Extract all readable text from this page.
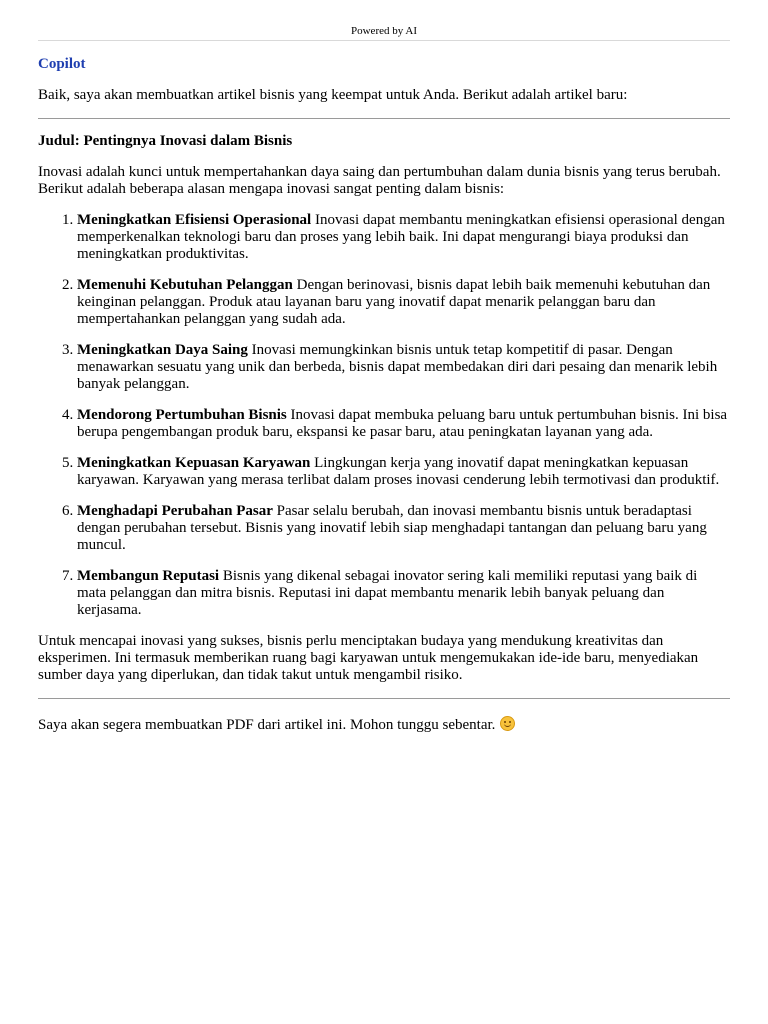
Powered by AI
Copilot

Baik, saya akan membuatkan artikel bisnis yang keempat untuk Anda. Berikut adalah artikel baru:

Judul: Pentingnya Inovasi dalam Bisnis

Inovasi adalah kunci untuk mempertahankan daya saing dan pertumbuhan dalam dunia bisnis yang terus berubah. Berikut adalah beberapa alasan mengapa inovasi sangat penting dalam bisnis:

1. Meningkatkan Efisiensi Operasional Inovasi dapat membantu meningkatkan efisiensi operasional dengan memperkenalkan teknologi baru dan proses yang lebih baik. Ini dapat mengurangi biaya produksi dan meningkatkan produktivitas.
2. Memenuhi Kebutuhan Pelanggan Dengan berinovasi, bisnis dapat lebih baik memenuhi kebutuhan dan keinginan pelanggan. Produk atau layanan baru yang inovatif dapat menarik pelanggan baru dan mempertahankan pelanggan yang sudah ada.
3. Meningkatkan Daya Saing Inovasi memungkinkan bisnis untuk tetap kompetitif di pasar. Dengan menawarkan sesuatu yang unik dan berbeda, bisnis dapat membedakan diri dari pesaing dan menarik lebih banyak pelanggan.
4. Mendorong Pertumbuhan Bisnis Inovasi dapat membuka peluang baru untuk pertumbuhan bisnis. Ini bisa berupa pengembangan produk baru, ekspansi ke pasar baru, atau peningkatan layanan yang ada.
5. Meningkatkan Kepuasan Karyawan Lingkungan kerja yang inovatif dapat meningkatkan kepuasan karyawan. Karyawan yang merasa terlibat dalam proses inovasi cenderung lebih termotivasi dan produktif.
6. Menghadapi Perubahan Pasar Pasar selalu berubah, dan inovasi membantu bisnis untuk beradaptasi dengan perubahan tersebut. Bisnis yang inovatif lebih siap menghadapi tantangan dan peluang baru yang muncul.
7. Membangun Reputasi Bisnis yang dikenal sebagai inovator sering kali memiliki reputasi yang baik di mata pelanggan dan mitra bisnis. Reputasi ini dapat membantu menarik lebih banyak peluang dan kerjasama.

Untuk mencapai inovasi yang sukses, bisnis perlu menciptakan budaya yang mendukung kreativitas dan eksperimen. Ini termasuk memberikan ruang bagi karyawan untuk mengemukakan ide-ide baru, menyediakan sumber daya yang diperlukan, dan tidak takut untuk mengambil risiko.

Saya akan segera membuatkan PDF dari artikel ini. Mohon tunggu sebentar.
